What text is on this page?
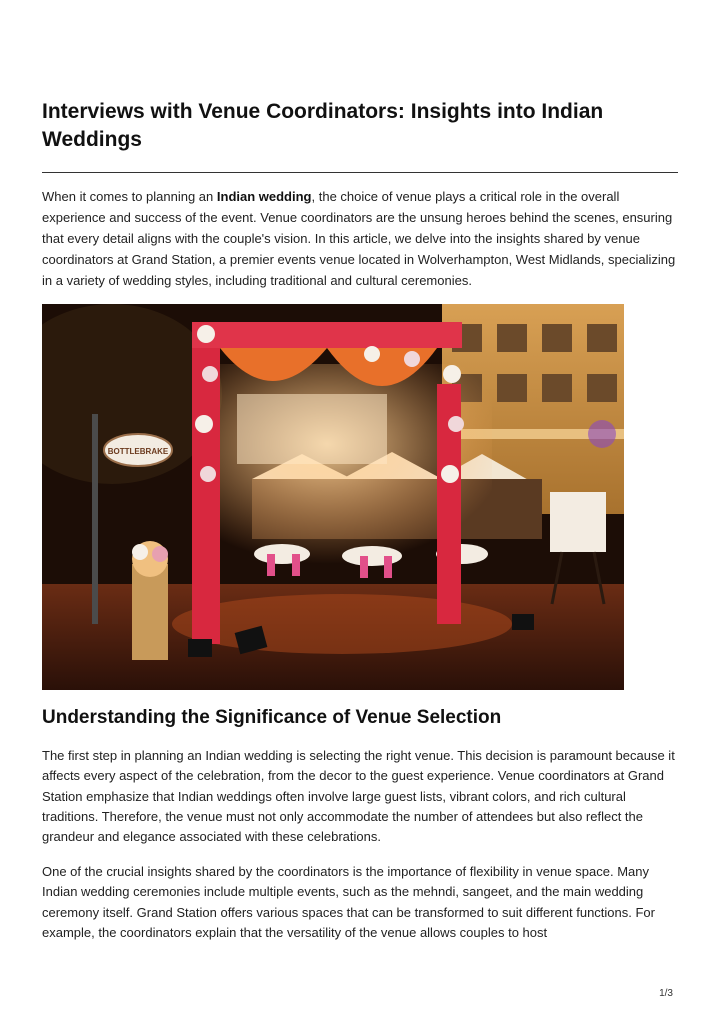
Interviews with Venue Coordinators: Insights into Indian Weddings

When it comes to planning an Indian wedding, the choice of venue plays a critical role in the overall experience and success of the event. Venue coordinators are the unsung heroes behind the scenes, ensuring that every detail aligns with the couple's vision. In this article, we delve into the insights shared by venue coordinators at Grand Station, a premier events venue located in Wolverhampton, West Midlands, specializing in a variety of wedding styles, including traditional and cultural ceremonies.

BOTTLEBRAKE
Understanding the Significance of Venue Selection

The first step in planning an Indian wedding is selecting the right venue. This decision is paramount because it affects every aspect of the celebration, from the decor to the guest experience. Venue coordinators at Grand Station emphasize that Indian weddings often involve large guest lists, vibrant colors, and rich cultural traditions. Therefore, the venue must not only accommodate the number of attendees but also reflect the grandeur and elegance associated with these celebrations.

One of the crucial insights shared by the coordinators is the importance of flexibility in venue space. Many Indian wedding ceremonies include multiple events, such as the mehndi, sangeet, and the main wedding ceremony itself. Grand Station offers various spaces that can be transformed to suit different functions. For example, the coordinators explain that the versatility of the venue allows couples to host

1/3
